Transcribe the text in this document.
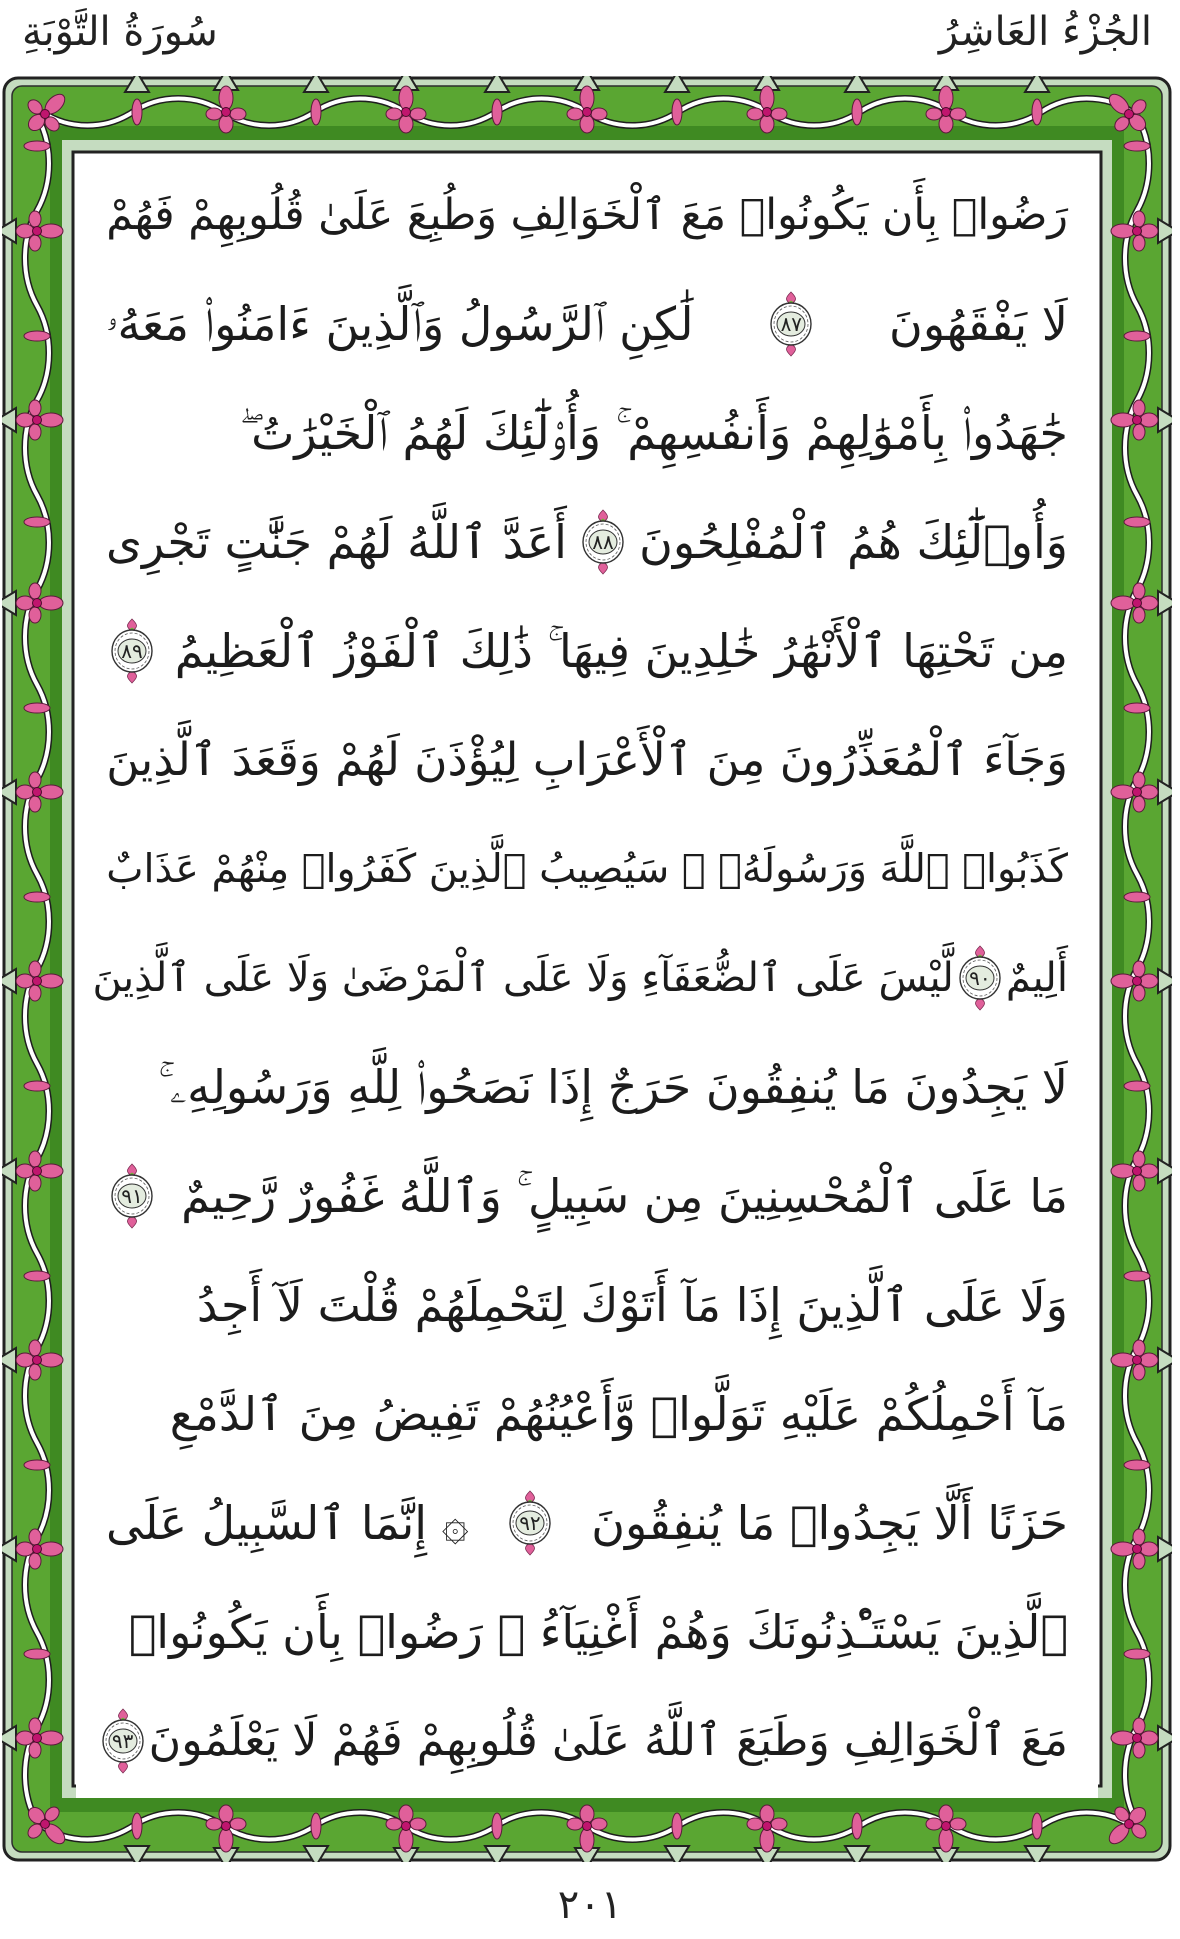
الجُزْءُ العَاشِرُ
سُورَةُ التَّوْبَةِ
رَضُوا۟ بِأَن يَكُونُوا۟ مَعَ ٱلْخَوَالِفِ وَطُبِعَ عَلَىٰ قُلُوبِهِمْ فَهُمْ
لَا يَفْقَهُونَ
٨٧
لَٰكِنِ ٱلرَّسُولُ وَٱلَّذِينَ ءَامَنُوا۟ مَعَهُۥ
جَٰهَدُوا۟ بِأَمْوَٰلِهِمْ وَأَنفُسِهِمْ ۚ وَأُو۟لَٰٓئِكَ لَهُمُ ٱلْخَيْرَٰتُ ۖ
وَأُو۟لَٰٓئِكَ هُمُ ٱلْمُفْلِحُونَ
٨٨
أَعَدَّ ٱللَّهُ لَهُمْ جَنَّٰتٍ تَجْرِى
مِن تَحْتِهَا ٱلْأَنْهَٰرُ خَٰلِدِينَ فِيهَا ۚ ذَٰلِكَ ٱلْفَوْزُ ٱلْعَظِيمُ
٨٩
وَجَآءَ ٱلْمُعَذِّرُونَ مِنَ ٱلْأَعْرَابِ لِيُؤْذَنَ لَهُمْ وَقَعَدَ ٱلَّذِينَ
كَذَبُوا۟ ٱللَّهَ وَرَسُولَهُۥ ۚ سَيُصِيبُ ٱلَّذِينَ كَفَرُوا۟ مِنْهُمْ عَذَابٌ
أَلِيمٌ
٩٠
لَّيْسَ عَلَى ٱلضُّعَفَآءِ وَلَا عَلَى ٱلْمَرْضَىٰ وَلَا عَلَى ٱلَّذِينَ
لَا يَجِدُونَ مَا يُنفِقُونَ حَرَجٌ إِذَا نَصَحُوا۟ لِلَّهِ وَرَسُولِهِۦ ۚ
مَا عَلَى ٱلْمُحْسِنِينَ مِن سَبِيلٍ ۚ وَٱللَّهُ غَفُورٌ رَّحِيمٌ
٩١
وَلَا عَلَى ٱلَّذِينَ إِذَا مَآ أَتَوْكَ لِتَحْمِلَهُمْ قُلْتَ لَآ أَجِدُ
مَآ أَحْمِلُكُمْ عَلَيْهِ تَوَلَّوا۟ وَّأَعْيُنُهُمْ تَفِيضُ مِنَ ٱلدَّمْعِ
حَزَنًا أَلَّا يَجِدُوا۟ مَا يُنفِقُونَ
٩٢
۞ إِنَّمَا ٱلسَّبِيلُ عَلَى
ٱلَّذِينَ يَسْتَـْٔذِنُونَكَ وَهُمْ أَغْنِيَآءُ ۚ رَضُوا۟ بِأَن يَكُونُوا۟
مَعَ ٱلْخَوَالِفِ وَطَبَعَ ٱللَّهُ عَلَىٰ قُلُوبِهِمْ فَهُمْ لَا يَعْلَمُونَ
٩٣
٢٠١
